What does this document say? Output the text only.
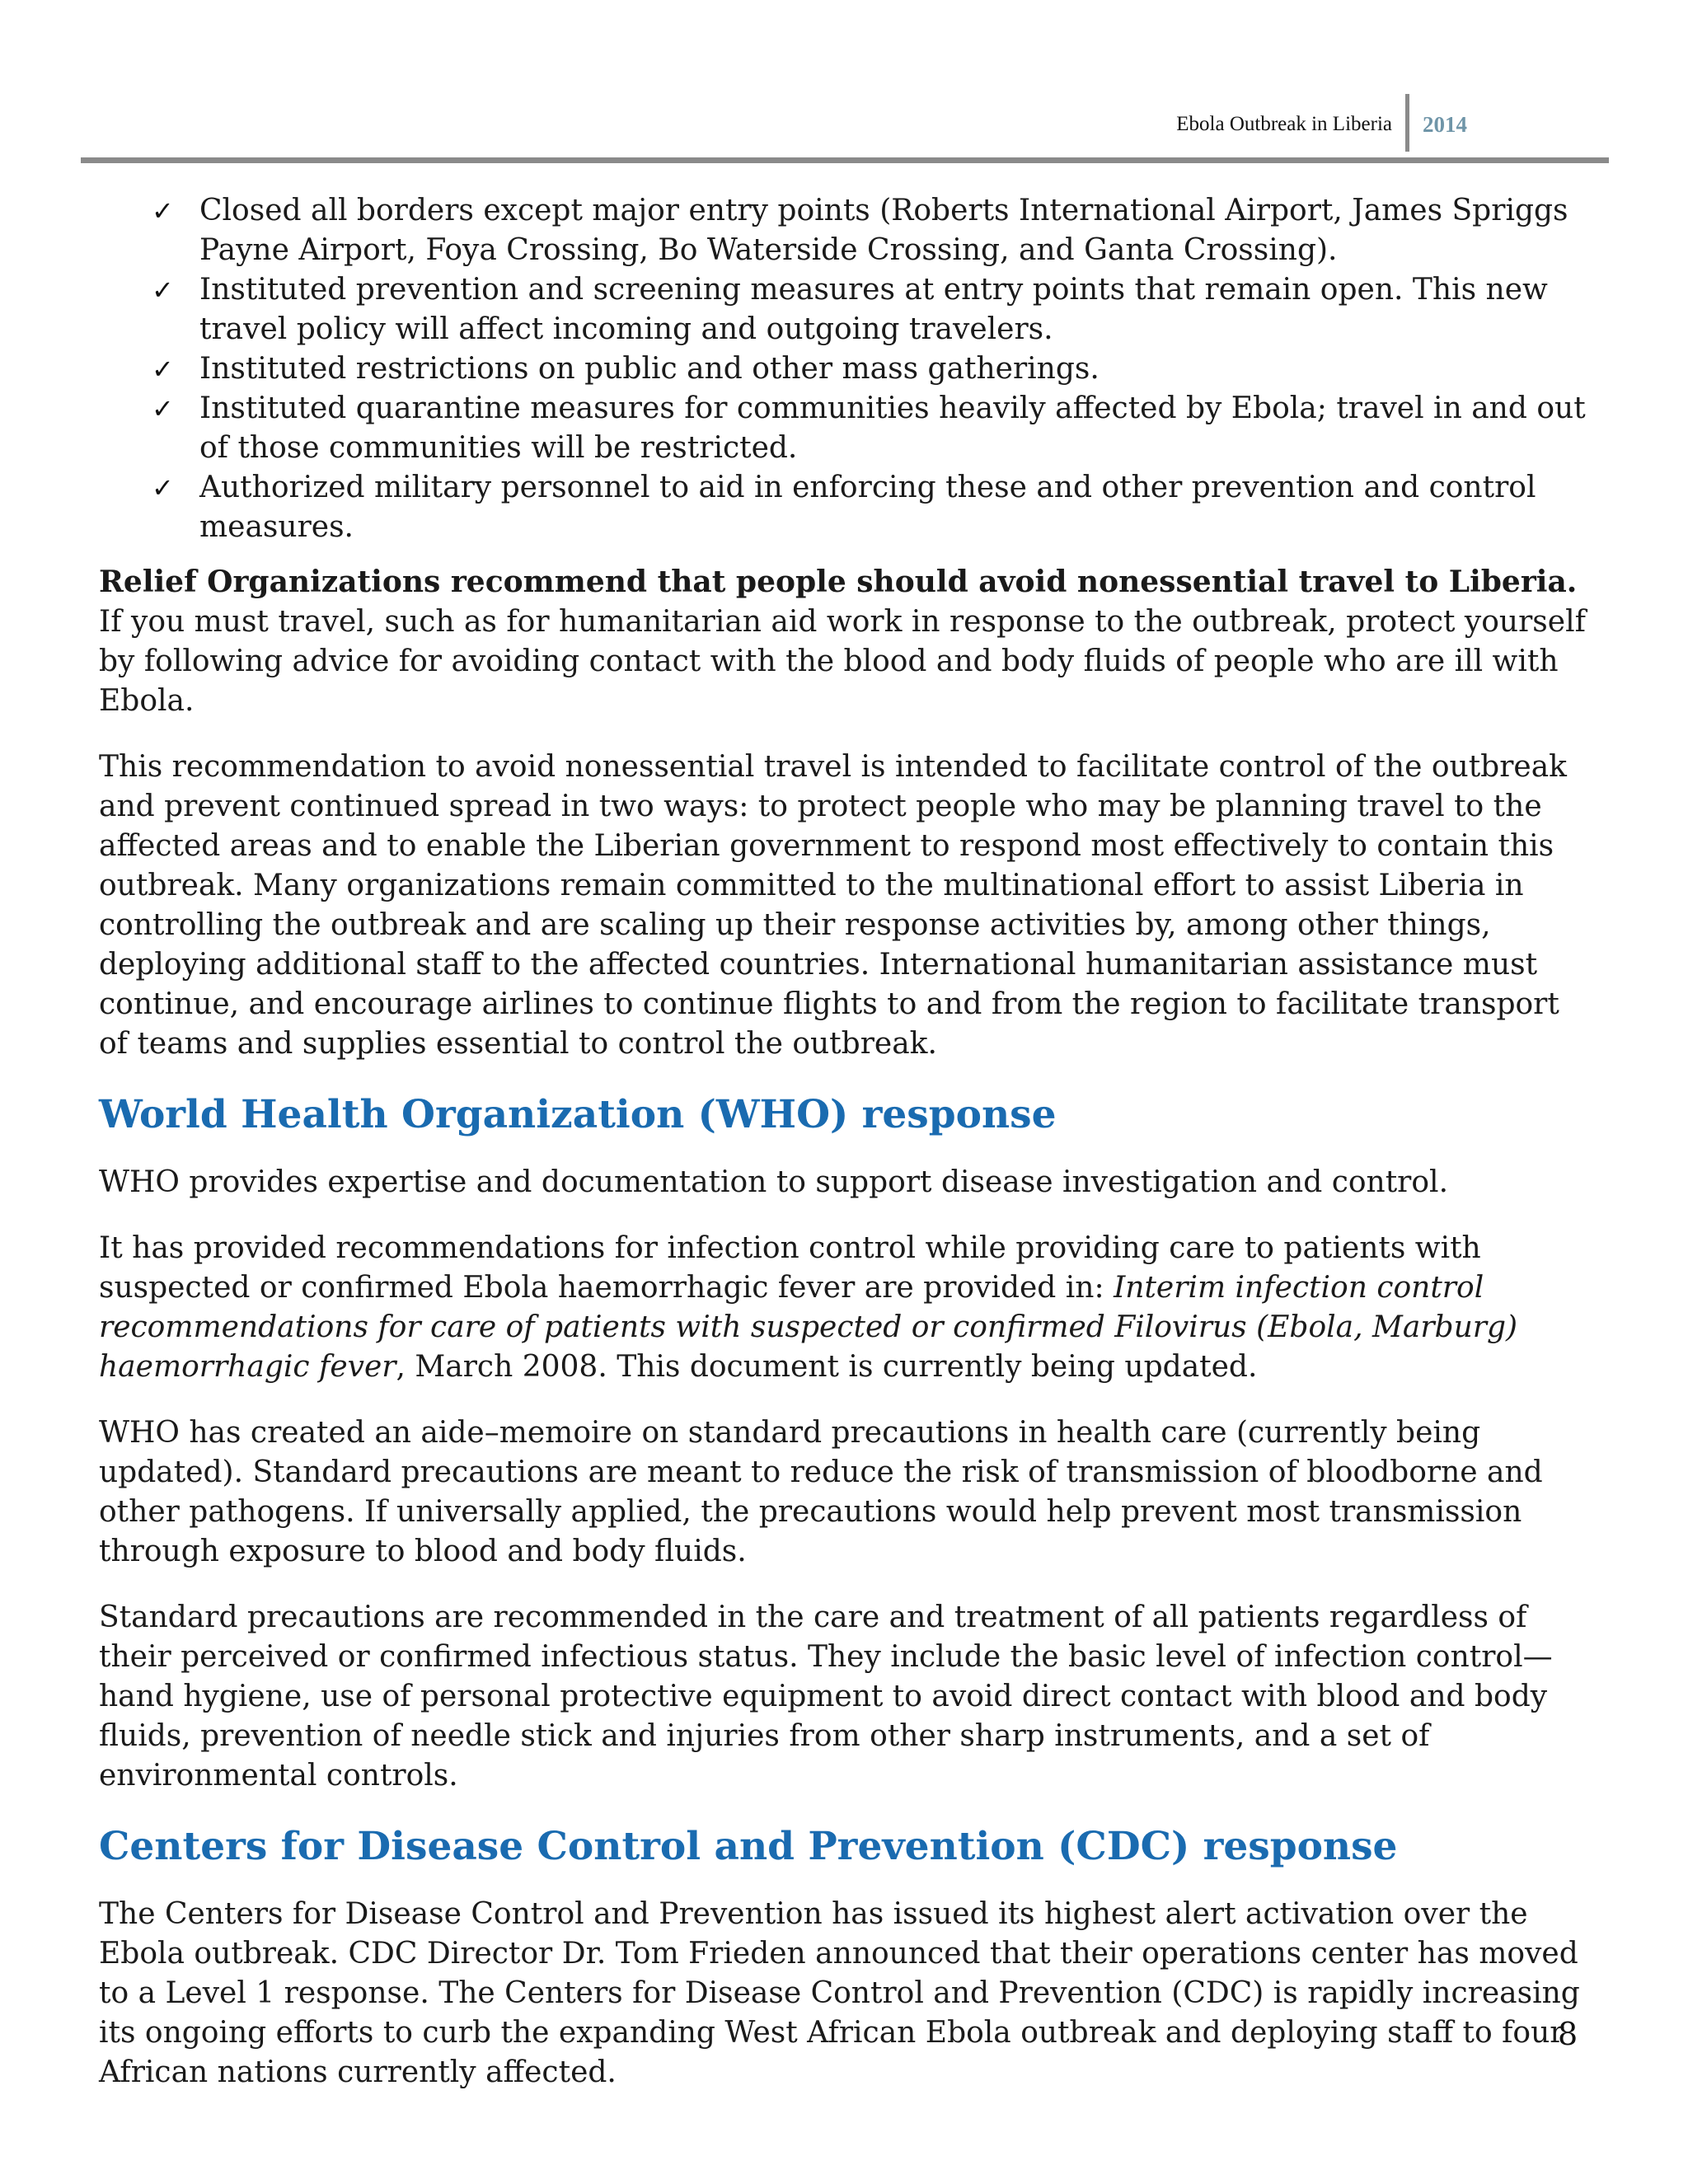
Ebola Outbreak in Liberia	2014
✓ Closed all borders except major entry points (Roberts International Airport, James Spriggs Payne Airport, Foya Crossing, Bo Waterside Crossing, and Ganta Crossing).
✓ Instituted prevention and screening measures at entry points that remain open. This new travel policy will affect incoming and outgoing travelers.
✓ Instituted restrictions on public and other mass gatherings.
✓ Instituted quarantine measures for communities heavily affected by Ebola; travel in and out of those communities will be restricted.
✓ Authorized military personnel to aid in enforcing these and other prevention and control measures.

Relief Organizations recommend that people should avoid nonessential travel to Liberia. If you must travel, such as for humanitarian aid work in response to the outbreak, protect yourself by following advice for avoiding contact with the blood and body fluids of people who are ill with Ebola.

This recommendation to avoid nonessential travel is intended to facilitate control of the outbreak and prevent continued spread in two ways: to protect people who may be planning travel to the affected areas and to enable the Liberian government to respond most effectively to contain this outbreak. Many organizations remain committed to the multinational effort to assist Liberia in controlling the outbreak and are scaling up their response activities by, among other things, deploying additional staff to the affected countries. International humanitarian assistance must continue, and encourage airlines to continue flights to and from the region to facilitate transport of teams and supplies essential to control the outbreak.

World Health Organization (WHO) response

WHO provides expertise and documentation to support disease investigation and control.

It has provided recommendations for infection control while providing care to patients with suspected or confirmed Ebola haemorrhagic fever are provided in: Interim infection control recommendations for care of patients with suspected or confirmed Filovirus (Ebola, Marburg) haemorrhagic fever, March 2008. This document is currently being updated.

WHO has created an aide–memoire on standard precautions in health care (currently being updated). Standard precautions are meant to reduce the risk of transmission of bloodborne and other pathogens. If universally applied, the precautions would help prevent most transmission through exposure to blood and body fluids.

Standard precautions are recommended in the care and treatment of all patients regardless of their perceived or confirmed infectious status. They include the basic level of infection control—hand hygiene, use of personal protective equipment to avoid direct contact with blood and body fluids, prevention of needle stick and injuries from other sharp instruments, and a set of environmental controls.

Centers for Disease Control and Prevention (CDC) response

The Centers for Disease Control and Prevention has issued its highest alert activation over the Ebola outbreak. CDC Director Dr. Tom Frieden announced that their operations center has moved to a Level 1 response. The Centers for Disease Control and Prevention (CDC) is rapidly increasing its ongoing efforts to curb the expanding West African Ebola outbreak and deploying staff to four African nations currently affected.

8
